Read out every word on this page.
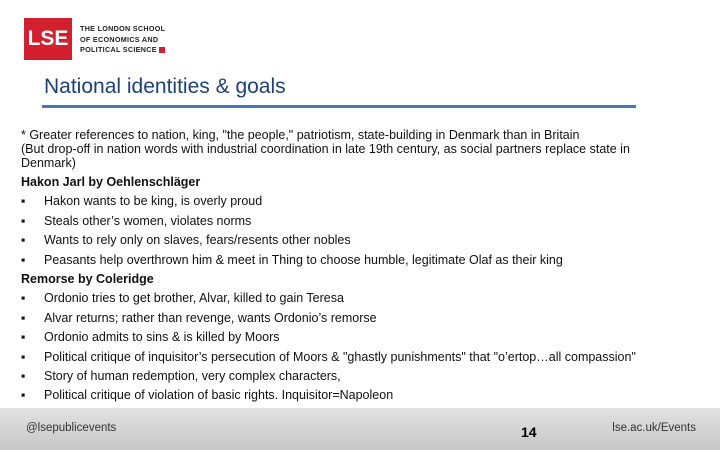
LSE	THE LONDON SCHOOL
OF ECONOMICS AND
POLITICAL SCIENCE
National identities & goals
* Greater references to nation, king, "the people," patriotism, state-building in Denmark than in Britain
(But drop-off in nation words with industrial coordination in late 19th century, as social partners replace state in Denmark)
Hakon Jarl by Oehlenschläger
▪ Hakon wants to be king, is overly proud
▪ Steals other’s women, violates norms
▪ Wants to rely only on slaves, fears/resents other nobles
▪ Peasants help overthrown him & meet in Thing to choose humble, legitimate Olaf as their king
Remorse by Coleridge
▪ Ordonio tries to get brother, Alvar, killed to gain Teresa
▪ Alvar returns; rather than revenge, wants Ordonio’s remorse
▪ Ordonio admits to sins & is killed by Moors
▪ Political critique of inquisitor’s persecution of Moors & "ghastly punishments" that "o’ertop…all compassion"
▪ Story of human redemption, very complex characters,
▪ Political critique of violation of basic rights. Inquisitor=Napoleon
@lsepublicevents	lse.ac.uk/Events
14
